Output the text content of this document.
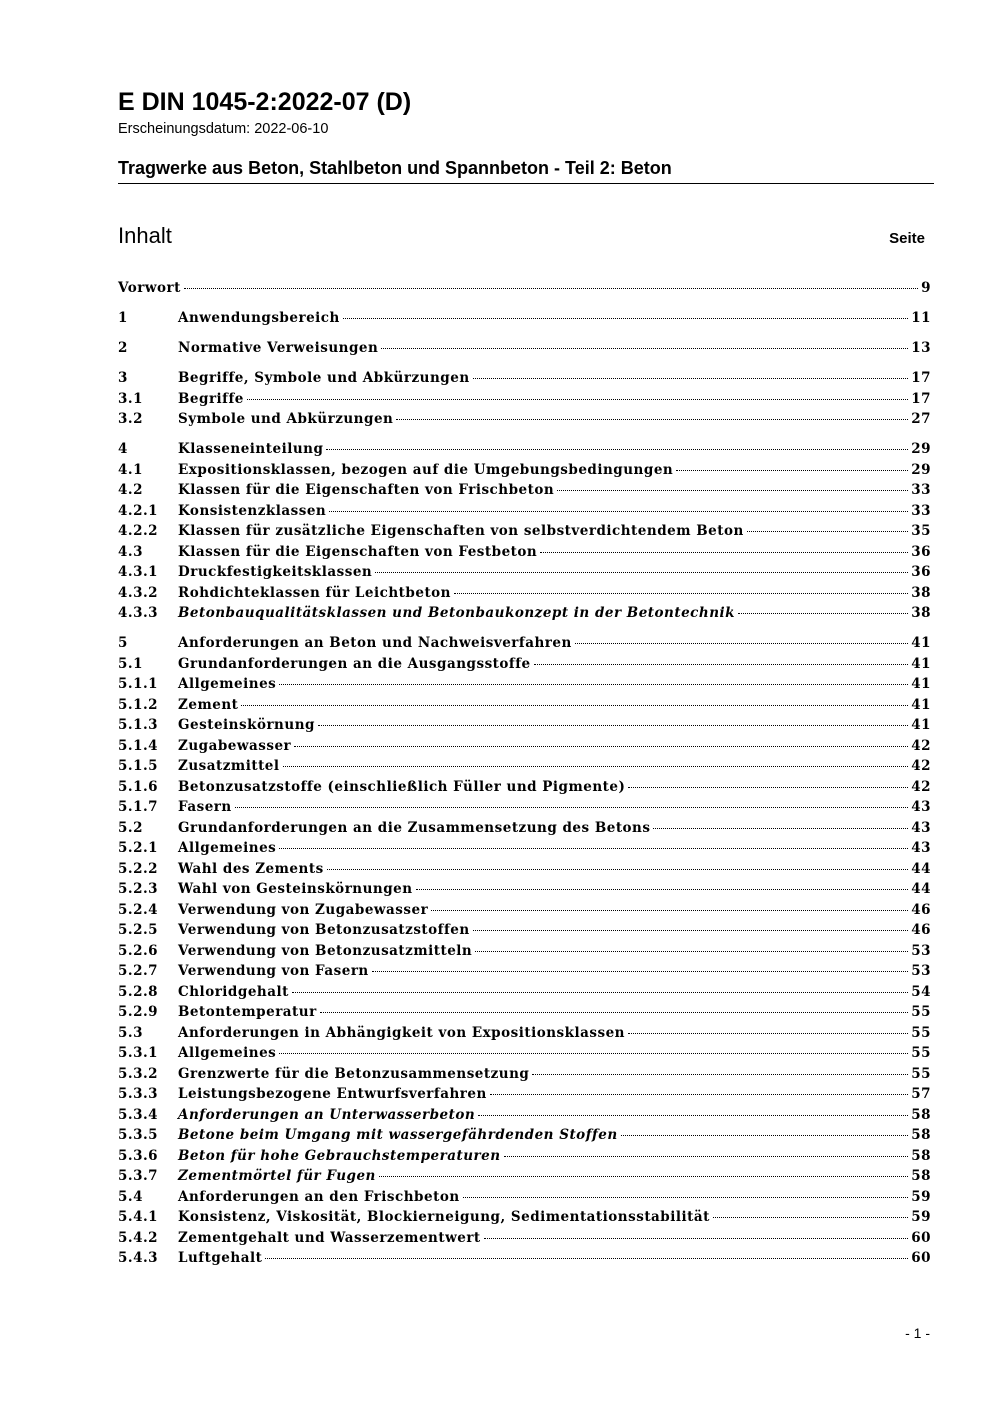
E DIN 1045-2:2022-07 (D)
Erscheinungsdatum: 2022-06-10
Tragwerke aus Beton, Stahlbeton und Spannbeton - Teil 2: Beton
Inhalt	Seite
Vorwort	9
1	Anwendungsbereich	11
2	Normative Verweisungen	13
3	Begriffe, Symbole und Abkürzungen	17
3.1	Begriffe	17
3.2	Symbole und Abkürzungen	27
4	Klasseneinteilung	29
4.1	Expositionsklassen, bezogen auf die Umgebungsbedingungen	29
4.2	Klassen für die Eigenschaften von Frischbeton	33
4.2.1	Konsistenzklassen	33
4.2.2	Klassen für zusätzliche Eigenschaften von selbstverdichtendem Beton	35
4.3	Klassen für die Eigenschaften von Festbeton	36
4.3.1	Druckfestigkeitsklassen	36
4.3.2	Rohdichteklassen für Leichtbeton	38
4.3.3	Betonbauqualitätsklassen und Betonbaukonzept in der Betontechnik	38
5	Anforderungen an Beton und Nachweisverfahren	41
5.1	Grundanforderungen an die Ausgangsstoffe	41
5.1.1	Allgemeines	41
5.1.2	Zement	41
5.1.3	Gesteinskörnung	41
5.1.4	Zugabewasser	42
5.1.5	Zusatzmittel	42
5.1.6	Betonzusatzstoffe (einschließlich Füller und Pigmente)	42
5.1.7	Fasern	43
5.2	Grundanforderungen an die Zusammensetzung des Betons	43
5.2.1	Allgemeines	43
5.2.2	Wahl des Zements	44
5.2.3	Wahl von Gesteinskörnungen	44
5.2.4	Verwendung von Zugabewasser	46
5.2.5	Verwendung von Betonzusatzstoffen	46
5.2.6	Verwendung von Betonzusatzmitteln	53
5.2.7	Verwendung von Fasern	53
5.2.8	Chloridgehalt	54
5.2.9	Betontemperatur	55
5.3	Anforderungen in Abhängigkeit von Expositionsklassen	55
5.3.1	Allgemeines	55
5.3.2	Grenzwerte für die Betonzusammensetzung	55
5.3.3	Leistungsbezogene Entwurfsverfahren	57
5.3.4	Anforderungen an Unterwasserbeton	58
5.3.5	Betone beim Umgang mit wassergefährdenden Stoffen	58
5.3.6	Beton für hohe Gebrauchstemperaturen	58
5.3.7	Zementmörtel für Fugen	58
5.4	Anforderungen an den Frischbeton	59
5.4.1	Konsistenz, Viskosität, Blockierneigung, Sedimentationsstabilität	59
5.4.2	Zementgehalt und Wasserzementwert	60
5.4.3	Luftgehalt	60
- 1 -
